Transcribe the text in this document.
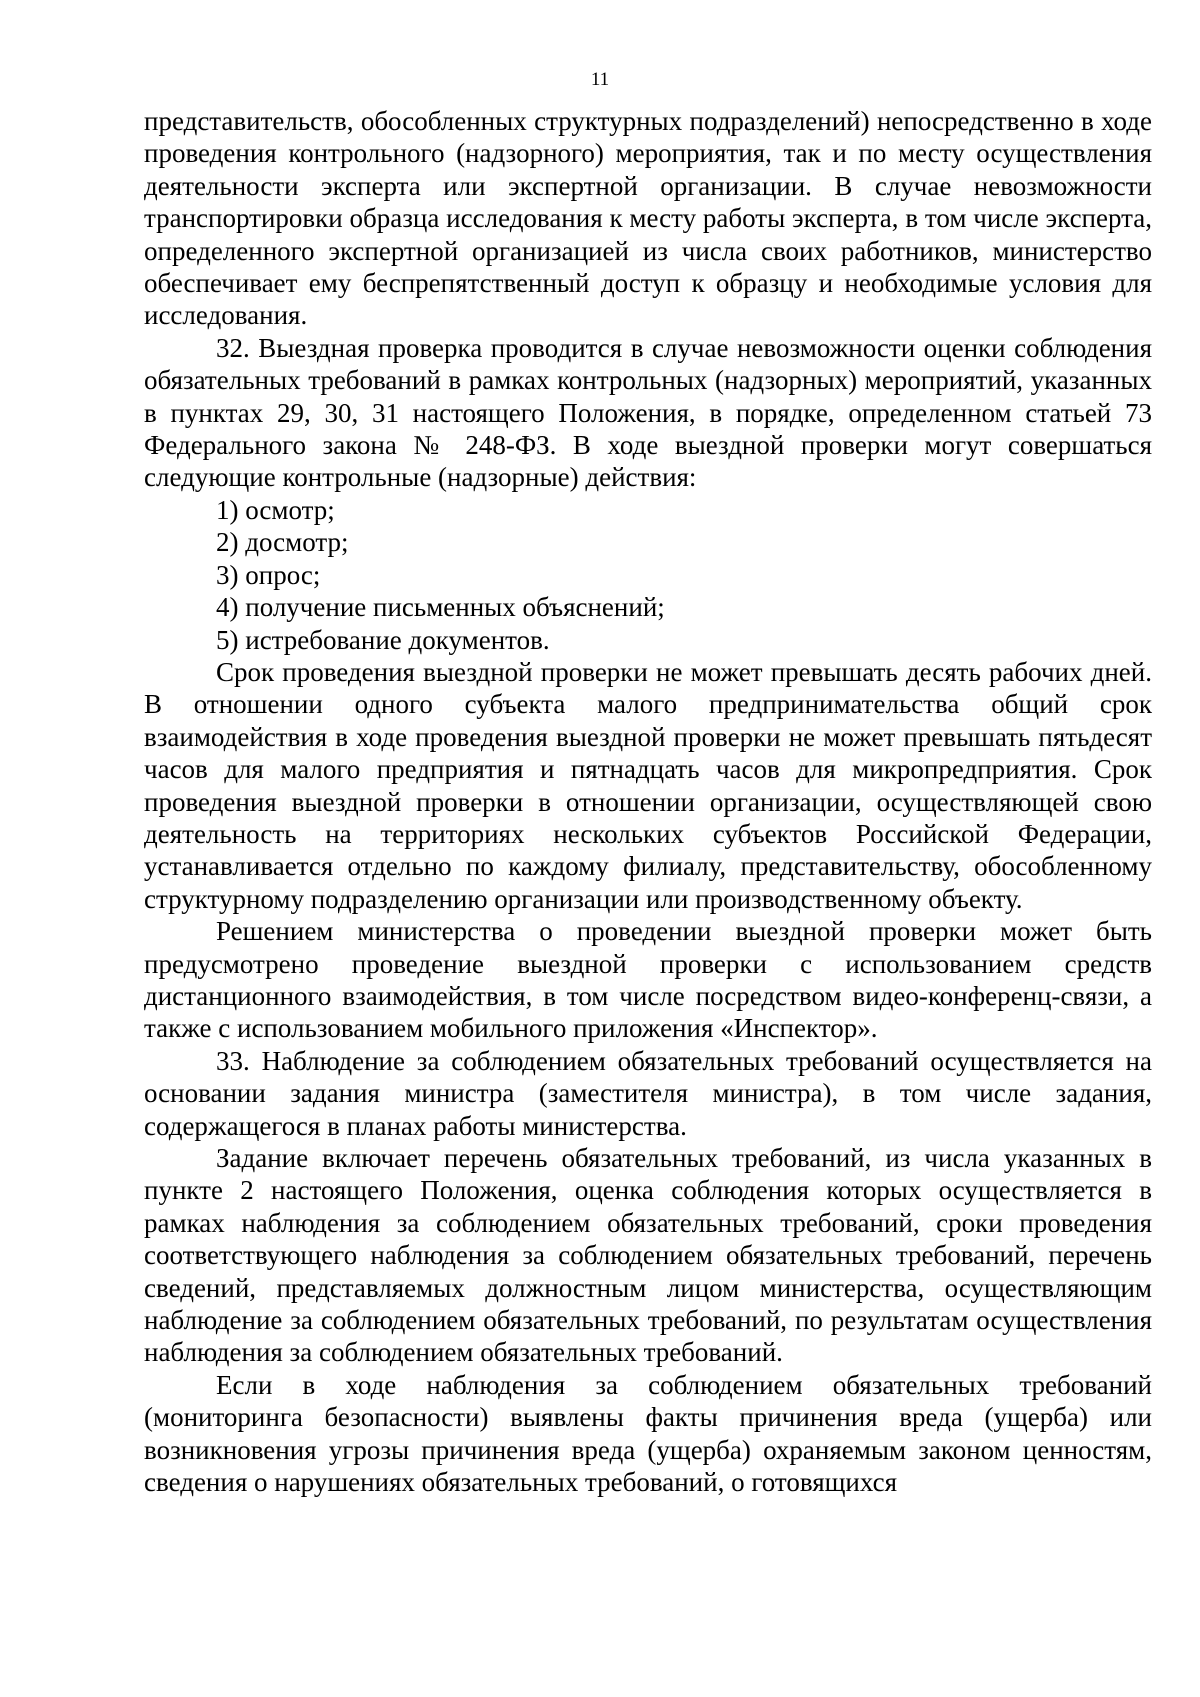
11

представительств, обособленных структурных подразделений) непосредственно в ходе проведения контрольного (надзорного) мероприятия, так и по месту осуществления деятельности эксперта или экспертной организации. В случае невозможности транспортировки образца исследования к месту работы эксперта, в том числе эксперта, определенного экспертной организацией из числа своих работников, министерство обеспечивает ему беспрепятственный доступ к образцу и необходимые условия для исследования.

32. Выездная проверка проводится в случае невозможности оценки соблюдения обязательных требований в рамках контрольных (надзорных) мероприятий, указанных в пунктах 29, 30, 31 настоящего Положения, в порядке, определенном статьей 73 Федерального закона № 248-ФЗ. В ходе выездной проверки могут совершаться следующие контрольные (надзорные) действия:

1) осмотр;

2) досмотр;

3) опрос;

4) получение письменных объяснений;

5) истребование документов.

Срок проведения выездной проверки не может превышать десять рабочих дней. В отношении одного субъекта малого предпринимательства общий срок взаимодействия в ходе проведения выездной проверки не может превышать пятьдесят часов для малого предприятия и пятнадцать часов для микропредприятия. Срок проведения выездной проверки в отношении организации, осуществляющей свою деятельность на территориях нескольких субъектов Российской Федерации, устанавливается отдельно по каждому филиалу, представительству, обособленному структурному подразделению организации или производственному объекту.

Решением министерства о проведении выездной проверки может быть предусмотрено проведение выездной проверки с использованием средств дистанционного взаимодействия, в том числе посредством видео-конференц-связи, а также с использованием мобильного приложения «Инспектор».

33. Наблюдение за соблюдением обязательных требований осуществляется на основании задания министра (заместителя министра), в том числе задания, содержащегося в планах работы министерства.

Задание включает перечень обязательных требований, из числа указанных в пункте 2 настоящего Положения, оценка соблюдения которых осуществляется в рамках наблюдения за соблюдением обязательных требований, сроки проведения соответствующего наблюдения за соблюдением обязательных требований, перечень сведений, представляемых должностным лицом министерства, осуществляющим наблюдение за соблюдением обязательных требований, по результатам осуществления наблюдения за соблюдением обязательных требований.

Если в ходе наблюдения за соблюдением обязательных требований (мониторинга безопасности) выявлены факты причинения вреда (ущерба) или возникновения угрозы причинения вреда (ущерба) охраняемым законом ценностям, сведения о нарушениях обязательных требований, о готовящихся
